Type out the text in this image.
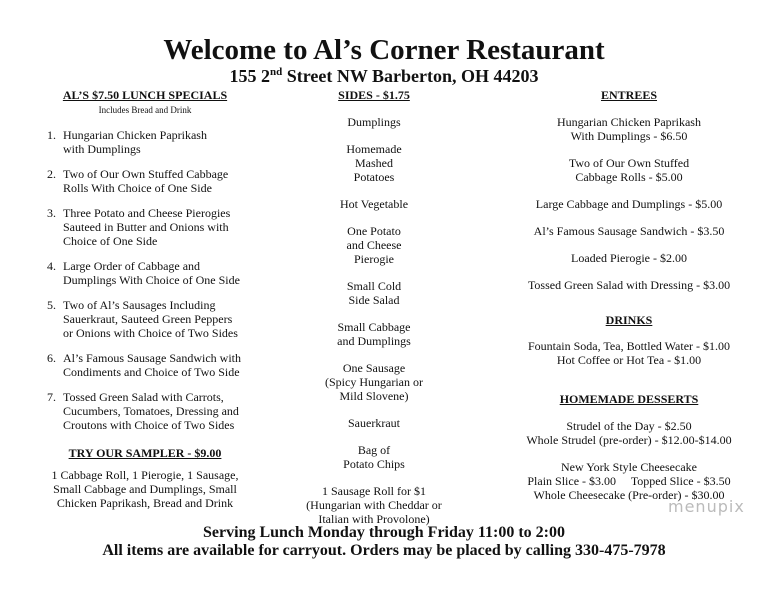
Welcome to Al’s Corner Restaurant
155 2nd Street NW Barberton, OH 44203
AL’S $7.50 LUNCH SPECIALS
Includes Bread and Drink
1. Hungarian Chicken Paprikash
with Dumplings
2. Two of Our Own Stuffed Cabbage
Rolls With Choice of One Side
3. Three Potato and Cheese Pierogies
Sauteed in Butter and Onions with
Choice of One Side
4. Large Order of Cabbage and
Dumplings With Choice of One Side
5. Two of Al’s Sausages Including
Sauerkraut, Sauteed Green Peppers
or Onions with Choice of Two Sides
6. Al’s Famous Sausage Sandwich with
Condiments and Choice of Two Side
7. Tossed Green Salad with Carrots,
Cucumbers, Tomatoes, Dressing and
Croutons with Choice of Two Sides
TRY OUR SAMPLER - $9.00
1 Cabbage Roll, 1 Pierogie, 1 Sausage,
Small Cabbage and Dumplings, Small
Chicken Paprikash, Bread and Drink
SIDES - $1.75
Dumplings
Homemade
Mashed
Potatoes
Hot Vegetable
One Potato
and Cheese
Pierogie
Small Cold
Side Salad
Small Cabbage
and Dumplings
One Sausage
(Spicy Hungarian or
Mild Slovene)
Sauerkraut
Bag of
Potato Chips
1 Sausage Roll for $1
(Hungarian with Cheddar or
Italian with Provolone)
ENTREES
Hungarian Chicken Paprikash
With Dumplings - $6.50
Two of Our Own Stuffed
Cabbage Rolls - $5.00
Large Cabbage and Dumplings - $5.00
Al’s Famous Sausage Sandwich - $3.50
Loaded Pierogie - $2.00
Tossed Green Salad with Dressing - $3.00
DRINKS
Fountain Soda, Tea, Bottled Water - $1.00
Hot Coffee or Hot Tea - $1.00
HOMEMADE DESSERTS
Strudel of the Day - $2.50
Whole Strudel (pre-order) - $12.00-$14.00
New York Style Cheesecake
Plain Slice - $3.00     Topped Slice - $3.50
Whole Cheesecake (Pre-order) - $30.00
Serving Lunch Monday through Friday 11:00 to 2:00
All items are available for carryout. Orders may be placed by calling 330-475-7978
menupix
